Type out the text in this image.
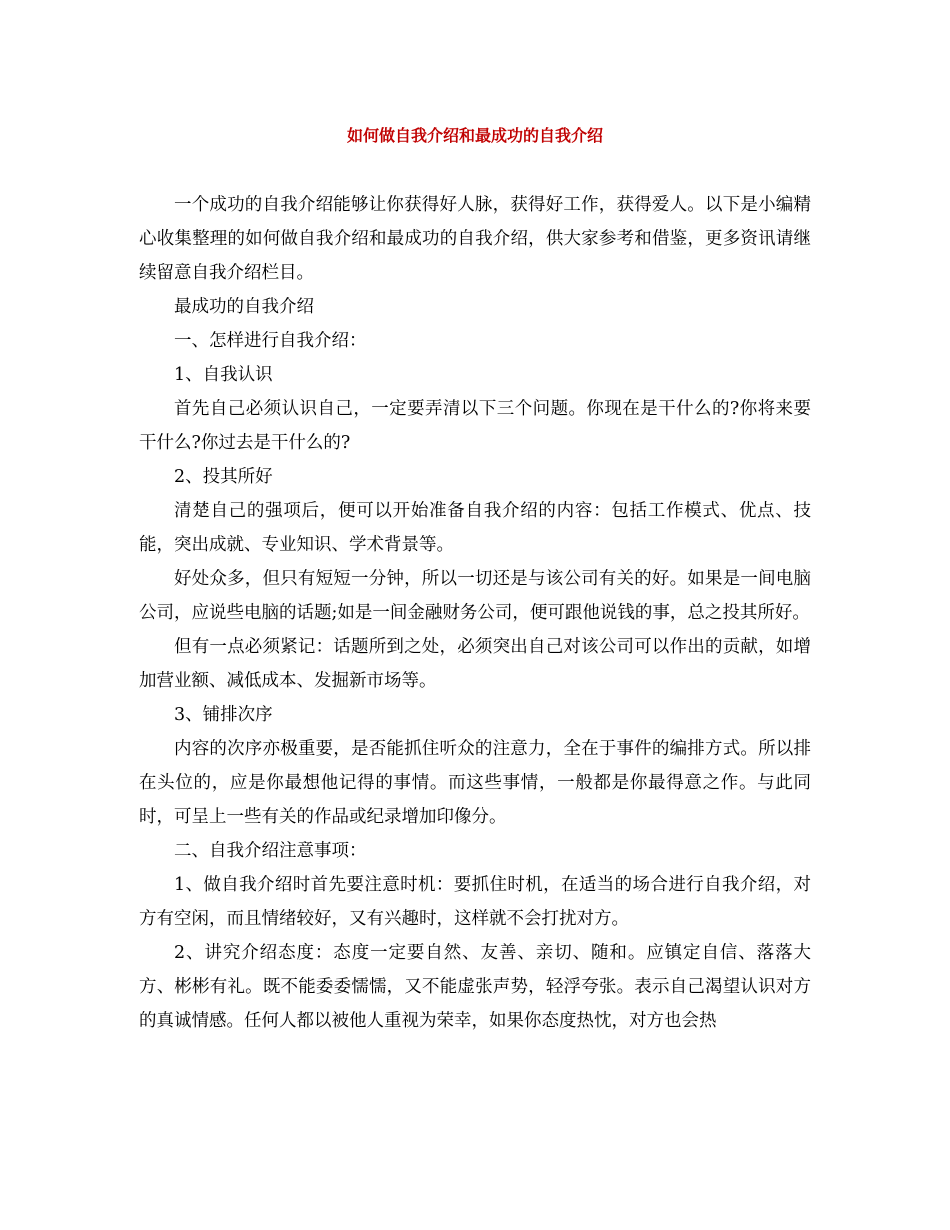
如何做自我介绍和最成功的自我介绍

一个成功的自我介绍能够让你获得好人脉，获得好工作，获得爱人。以下是小编精心收集整理的如何做自我介绍和最成功的自我介绍，供大家参考和借鉴，更多资讯请继续留意自我介绍栏目。

最成功的自我介绍

一、怎样进行自我介绍：

1、自我认识

首先自己必须认识自己，一定要弄清以下三个问题。你现在是干什么的?你将来要干什么?你过去是干什么的?

2、投其所好

清楚自己的强项后，便可以开始准备自我介绍的内容：包括工作模式、优点、技能，突出成就、专业知识、学术背景等。

好处众多，但只有短短一分钟，所以一切还是与该公司有关的好。如果是一间电脑公司，应说些电脑的话题;如是一间金融财务公司，便可跟他说钱的事，总之投其所好。

但有一点必须紧记：话题所到之处，必须突出自己对该公司可以作出的贡献，如增加营业额、减低成本、发掘新市场等。

3、铺排次序

内容的次序亦极重要，是否能抓住听众的注意力，全在于事件的编排方式。所以排在头位的，应是你最想他记得的事情。而这些事情，一般都是你最得意之作。与此同时，可呈上一些有关的作品或纪录增加印像分。

二、自我介绍注意事项：

1、做自我介绍时首先要注意时机：要抓住时机，在适当的场合进行自我介绍，对方有空闲，而且情绪较好，又有兴趣时，这样就不会打扰对方。

2、讲究介绍态度：态度一定要自然、友善、亲切、随和。应镇定自信、落落大方、彬彬有礼。既不能委委懦懦，又不能虚张声势，轻浮夸张。表示自己渴望认识对方的真诚情感。任何人都以被他人重视为荣幸，如果你态度热忱，对方也会热
